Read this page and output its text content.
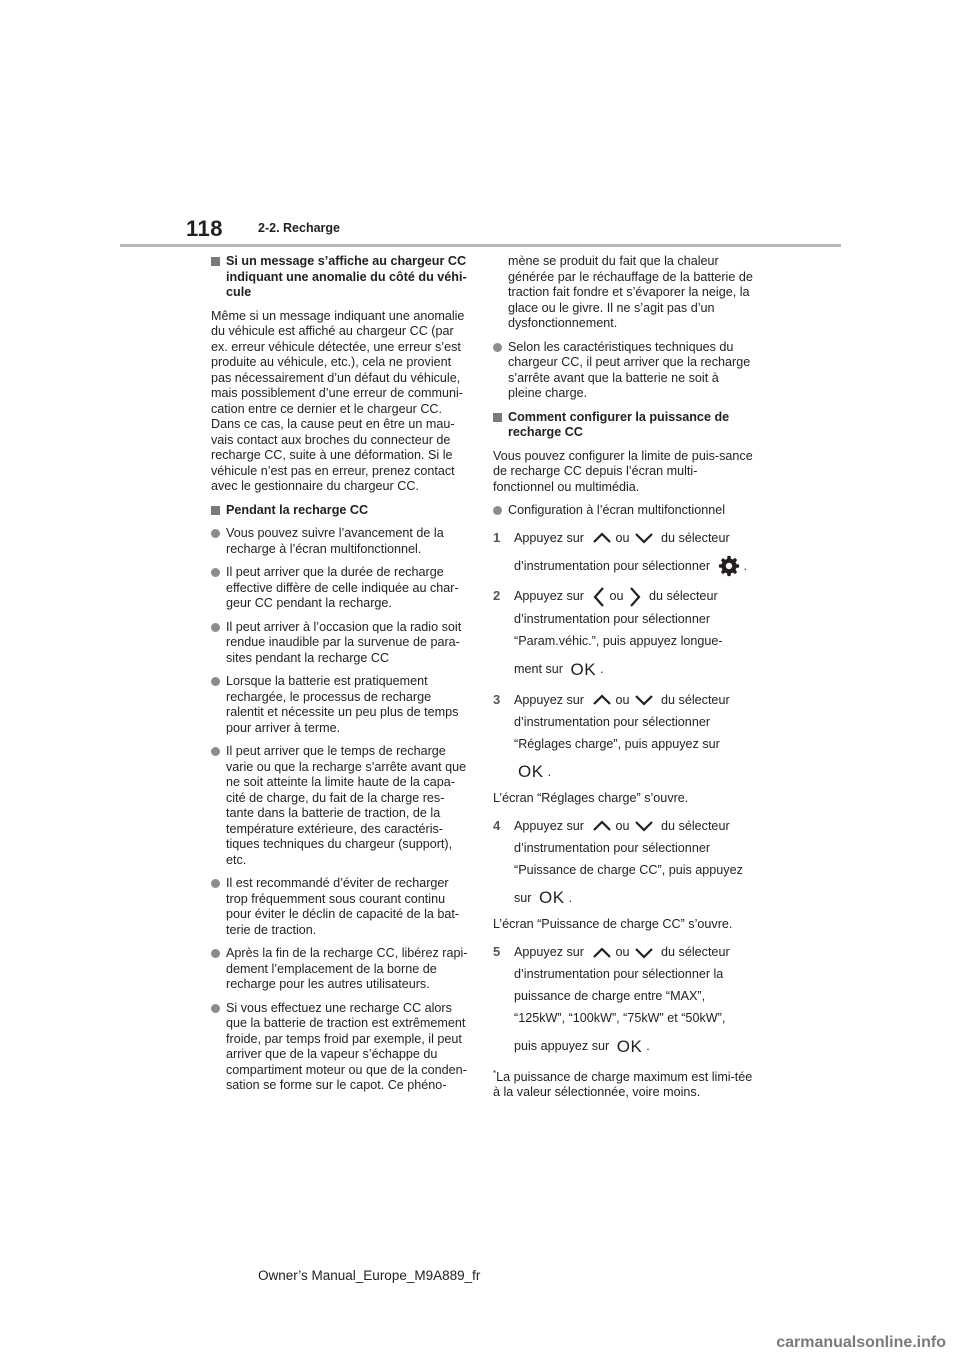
118	2-2. Recharge
Si un message s’affiche au chargeur CC indiquant une anomalie du côté du véhi-cule
Même si un message indiquant une anomalie du véhicule est affiché au chargeur CC (par ex. erreur véhicule détectée, une erreur s’est produite au véhicule, etc.), cela ne provient pas nécessairement d’un défaut du véhicule, mais possiblement d’une erreur de communi-cation entre ce dernier et le chargeur CC. Dans ce cas, la cause peut en être un mau-vais contact aux broches du connecteur de recharge CC, suite à une déformation. Si le véhicule n’est pas en erreur, prenez contact avec le gestionnaire du chargeur CC.
Pendant la recharge CC
Vous pouvez suivre l’avancement de la recharge à l’écran multifonctionnel.
Il peut arriver que la durée de recharge effective diffère de celle indiquée au char-geur CC pendant la recharge.
Il peut arriver à l’occasion que la radio soit rendue inaudible par la survenue de para-sites pendant la recharge CC
Lorsque la batterie est pratiquement rechargée, le processus de recharge ralentit et nécessite un peu plus de temps pour arriver à terme.
Il peut arriver que le temps de recharge varie ou que la recharge s’arrête avant que ne soit atteinte la limite haute de la capa-cité de charge, du fait de la charge res-tante dans la batterie de traction, de la température extérieure, des caractéris-tiques techniques du chargeur (support), etc.
Il est recommandé d’éviter de recharger trop fréquemment sous courant continu pour éviter le déclin de capacité de la bat-terie de traction.
Après la fin de la recharge CC, libérez rapi-dement l’emplacement de la borne de recharge pour les autres utilisateurs.
Si vous effectuez une recharge CC alors que la batterie de traction est extrêmement froide, par temps froid par exemple, il peut arriver que de la vapeur s’échappe du compartiment moteur ou que de la conden-sation se forme sur le capot. Ce phéno-
mène se produit du fait que la chaleur générée par le réchauffage de la batterie de traction fait fondre et s’évaporer la neige, la glace ou le givre. Il ne s’agit pas d’un dysfonctionnement.
Selon les caractéristiques techniques du chargeur CC, il peut arriver que la recharge s’arrête avant que la batterie ne soit à pleine charge.
Comment configurer la puissance de recharge CC
Vous pouvez configurer la limite de puis-sance de recharge CC depuis l’écran multi-fonctionnel ou multimédia.
Configuration à l’écran multifonctionnel
1 Appuyez sur	ou	du sélecteur
d’instrumentation pour sélectionner	.
2 Appuyez sur ou du sélecteur
d’instrumentation pour sélectionner
“Param.véhic.”, puis appuyez longue-
ment sur OK .
3 Appuyez sur	ou	du sélecteur
d’instrumentation pour sélectionner
“Réglages charge”, puis appuyez sur
OK .
L’écran “Réglages charge” s’ouvre.
4 Appuyez sur	ou	du sélecteur
d’instrumentation pour sélectionner
“Puissance de charge CC”, puis appuyez
sur OK .
L’écran “Puissance de charge CC” s’ouvre.
5 Appuyez sur	ou	du sélecteur
d’instrumentation pour sélectionner la
puissance de charge entre “MAX”,
“125kW”, “100kW”, “75kW” et “50kW”,
puis appuyez sur OK .
*La puissance de charge maximum est limi-tée à la valeur sélectionnée, voire moins.
Owner’s Manual_Europe_M9A889_fr
carmanualsonline.info
